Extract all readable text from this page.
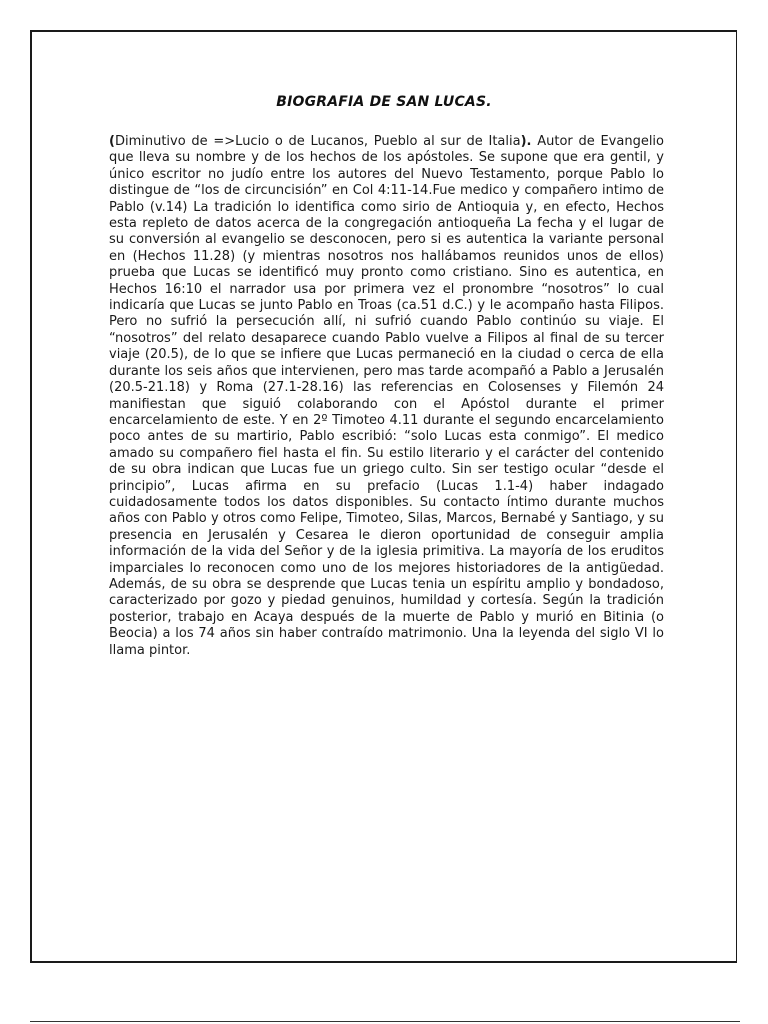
BIOGRAFIA DE SAN LUCAS.

(Diminutivo de =>Lucio o de Lucanos, Pueblo al sur de Italia). Autor de Evangelio que lleva su nombre y de los hechos de los apóstoles. Se supone que era gentil, y único escritor no judío entre los autores del Nuevo Testamento, porque Pablo lo distingue de “los de circuncisión” en Col 4:11-14.Fue medico y compañero intimo de Pablo (v.14) La tradición lo identifica como sirio de Antioquia y, en efecto, Hechos esta repleto de datos acerca de la congregación antioqueña La fecha y el lugar de su conversión al evangelio se desconocen, pero si es autentica la variante personal en (Hechos 11.28) (y mientras nosotros nos hallábamos reunidos unos de ellos) prueba que Lucas se identificó muy pronto como cristiano. Sino es autentica, en Hechos 16:10 el narrador usa por primera vez el pronombre “nosotros” lo cual indicaría que Lucas se junto Pablo en Troas (ca.51 d.C.) y le acompaño hasta Filipos. Pero no sufrió la persecución allí, ni sufrió cuando Pablo continúo su viaje. El “nosotros” del relato desaparece cuando Pablo vuelve a Filipos al final de su tercer viaje (20.5), de lo que se infiere que Lucas permaneció en la ciudad o cerca de ella durante los seis años que intervienen, pero mas tarde acompañó a Pablo a Jerusalén (20.5-21.18) y Roma (27.1-28.16) las referencias en Colosenses y Filemón 24 manifiestan que siguió colaborando con el Apóstol durante el primer encarcelamiento de este. Y en 2º Timoteo 4.11 durante el segundo encarcelamiento poco antes de su martirio, Pablo escribió: “solo Lucas esta conmigo”. El medico amado su compañero fiel hasta el fin. Su estilo literario y el carácter del contenido de su obra indican que Lucas fue un griego culto. Sin ser testigo ocular “desde el principio”, Lucas afirma en su prefacio (Lucas 1.1-4) haber indagado cuidadosamente todos los datos disponibles. Su contacto íntimo durante muchos años con Pablo y otros como Felipe, Timoteo, Silas, Marcos, Bernabé y Santiago, y su presencia en Jerusalén y Cesarea le dieron oportunidad de conseguir amplia información de la vida del Señor y de la iglesia primitiva. La mayoría de los eruditos imparciales lo reconocen como uno de los mejores historiadores de la antigüedad. Además, de su obra se desprende que Lucas tenia un espíritu amplio y bondadoso, caracterizado por gozo y piedad genuinos, humildad y cortesía. Según la tradición posterior, trabajo en Acaya después de la muerte de Pablo y murió en Bitinia (o Beocia) a los 74 años sin haber contraído matrimonio. Una la leyenda del siglo VI lo llama pintor.
